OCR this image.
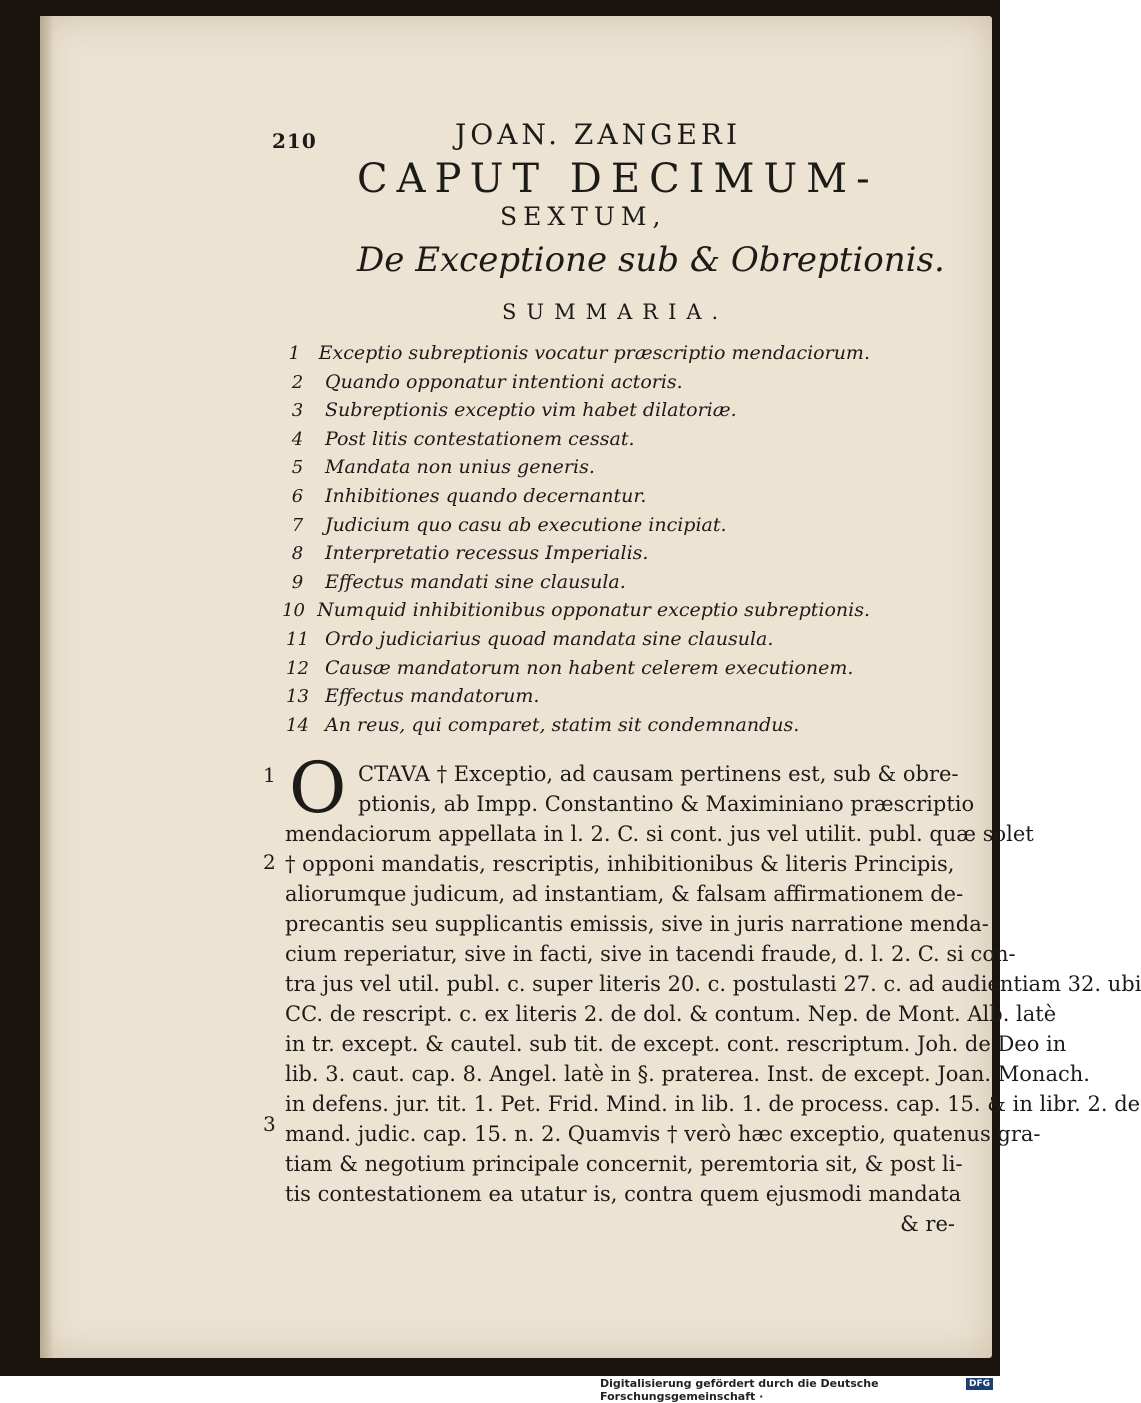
210	JOAN. ZANGERI
CAPUT DECIMUM-
SEXTUM,
De Exceptione sub & Obreptionis.
SUMMARIA.
1 Exceptio subreptionis vocatur præscriptio mendaciorum.
2	Quando opponatur intentioni actoris.
3	Subreptionis exceptio vim habet dilatoriæ.
4	Post litis contestationem cessat.
5	Mandata non unius generis.
6	Inhibitiones quando decernantur.
7	Judicium quo casu ab executione incipiat.
8	Interpretatio recessus Imperialis.
9	Effectus mandati sine clausula.
10 Numquid inhibitionibus opponatur exceptio subreptionis.
11 Ordo judiciarius quoad mandata sine clausula.
12 Causæ mandatorum non habent celerem executionem.
13 Effectus mandatorum.
14 An reus, qui comparet, statim sit condemnandus.
O
1
2
3
CTAVA † Exceptio, ad causam pertinens est, sub & obre-
ptionis, ab Impp. Constantino & Maximiniano præscriptio
mendaciorum appellata in l. 2. C. si cont. jus vel utilit. publ. quæ solet
† opponi mandatis, rescriptis, inhibitionibus & literis Principis,
aliorumque judicum, ad instantiam, & falsam affirmationem de-
precantis seu supplicantis emissis, sive in juris narratione menda-
cium reperiatur, sive in facti, sive in tacendi fraude, d. l. 2. C. si con-
tra jus vel util. publ. c. super literis 20. c. postulasti 27. c. ad audientiam 32. ubi
CC. de rescript. c. ex literis 2. de dol. & contum. Nep. de Mont. Alb. latè
in tr. except. & cautel. sub tit. de except. cont. rescriptum. Joh. de Deo in
lib. 3. caut. cap. 8. Angel. latè in §. praterea. Inst. de except. Joan. Monach.
in defens. jur. tit. 1. Pet. Frid. Mind. in lib. 1. de process. cap. 15. & in libr. 2. de
mand. judic. cap. 15. n. 2. Quamvis † verò hæc exceptio, quatenus gra-
tiam & negotium principale concernit, peremtoria sit, & post li-
tis contestationem ea utatur is, contra quem ejusmodi mandata
& re-
Digitalisierung gefördert durch die Deutsche Forschungsgemeinschaft ·
DFG
